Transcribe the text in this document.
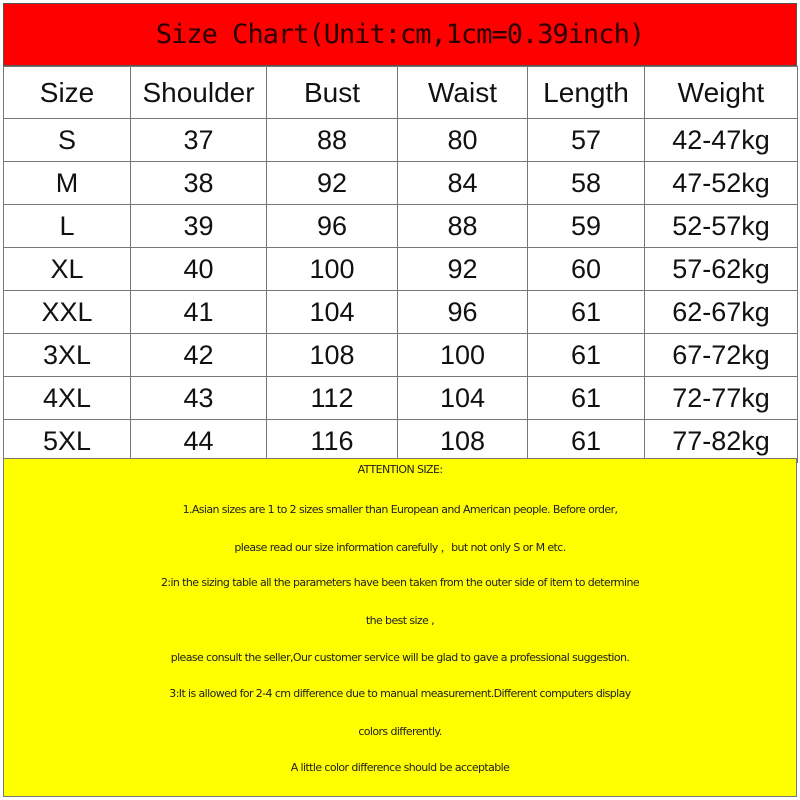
Size Chart(Unit:cm,1cm=0.39inch)
Size	Shoulder	Bust	Waist	Length	Weight
S	37	88	80	57	42-47kg
M	38	92	84	58	47-52kg
L	39	96	88	59	52-57kg
XL	40	100	92	60	57-62kg
XXL	41	104	96	61	62-67kg
3XL	42	108	100	61	67-72kg
4XL	43	112	104	61	72-77kg
5XL	44	116	108	61	77-82kg
ATTENTION SIZE:
1.Asian sizes are 1 to 2 sizes smaller than European and American people. Before order,
please read our size information carefully ，but not only S or M etc.
2:in the sizing table all the parameters have been taken from the outer side of item to determine
the best size ,
please consult the seller,Our customer service will be glad to gave a professional suggestion.
3:It is allowed for 2-4 cm difference due to manual measurement.Different computers display
colors differently.
A little color difference should be acceptable
